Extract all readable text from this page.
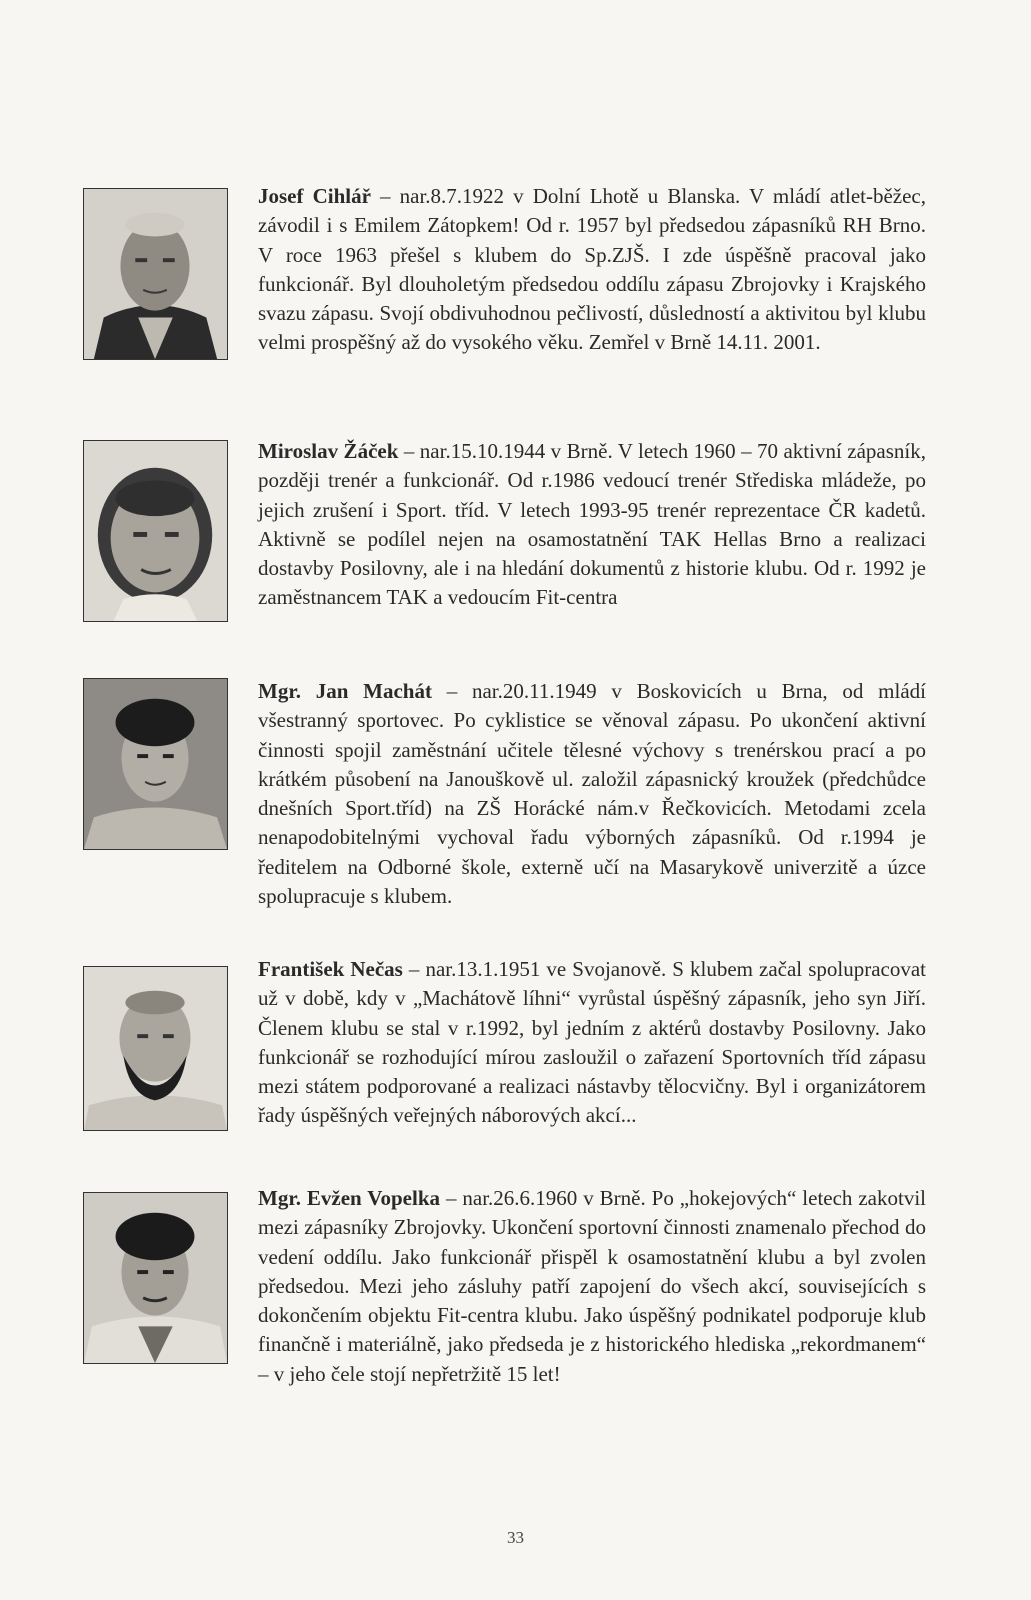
Josef Cihlář – nar.8.7.1922 v Dolní Lhotě u Blanska. V mládí atlet-běžec, závodil i s Emilem Zátopkem! Od r. 1957 byl předsedou zápasníků RH Brno. V roce 1963 přešel s klubem do Sp.ZJŠ. I zde úspěšně pracoval jako funkcionář. Byl dlouholetým předsedou oddílu zápasu Zbrojovky i Krajského svazu zápasu. Svojí obdivuhodnou pečlivostí, důsledností a aktivitou byl klubu velmi prospěšný až do vysokého věku. Zemřel v Brně 14.11. 2001.
Miroslav Žáček – nar.15.10.1944 v Brně. V letech 1960 – 70 aktivní zápasník, později trenér a funkcionář. Od r.1986 vedoucí trenér Střediska mládeže, po jejich zrušení i Sport. tříd. V letech 1993-95 trenér reprezentace ČR kadetů. Aktivně se podílel nejen na osamostatnění TAK Hellas Brno a realizaci dostavby Posilovny, ale i na hledání dokumentů z historie klubu. Od r. 1992 je zaměstnancem TAK a vedoucím Fit-centra
Mgr. Jan Machát – nar.20.11.1949 v Boskovicích u Brna, od mládí všestranný sportovec. Po cyklistice se věnoval zápasu. Po ukončení aktivní činnosti spojil zaměstnání učitele tělesné výchovy s trenérskou prací a po krátkém působení na Janouškově ul. založil zápasnický kroužek (předchůdce dnešních Sport.tříd) na ZŠ Horácké nám.v Řečkovicích. Metodami zcela nenapodobitelnými vychoval řadu výborných zápasníků. Od r.1994 je ředitelem na Odborné škole, externě učí na Masarykově univerzitě a úzce spolupracuje s klubem.
František Nečas – nar.13.1.1951 ve Svojanově. S klubem začal spolupracovat už v době, kdy v „Machátově líhni“ vyrůstal úspěšný zápasník, jeho syn Jiří. Členem klubu se stal v r.1992, byl jedním z aktérů dostavby Posilovny. Jako funkcionář se rozhodující mírou zasloužil o zařazení Sportovních tříd zápasu mezi státem podporované a realizaci nástavby tělocvičny. Byl i organizátorem řady úspěšných veřejných náborových akcí...
Mgr. Evžen Vopelka – nar.26.6.1960 v Brně. Po „hokejových“ letech zakotvil mezi zápasníky Zbrojovky. Ukončení sportovní činnosti znamenalo přechod do vedení oddílu. Jako funkcionář přispěl k osamostatnění klubu a byl zvolen předsedou. Mezi jeho zásluhy patří zapojení do všech akcí, souvisejících s dokončením objektu Fit-centra klubu. Jako úspěšný podnikatel podporuje klub finančně i materiálně, jako předseda je z historického hlediska „rekordmanem“ – v jeho čele stojí nepřetržitě 15 let!
33
